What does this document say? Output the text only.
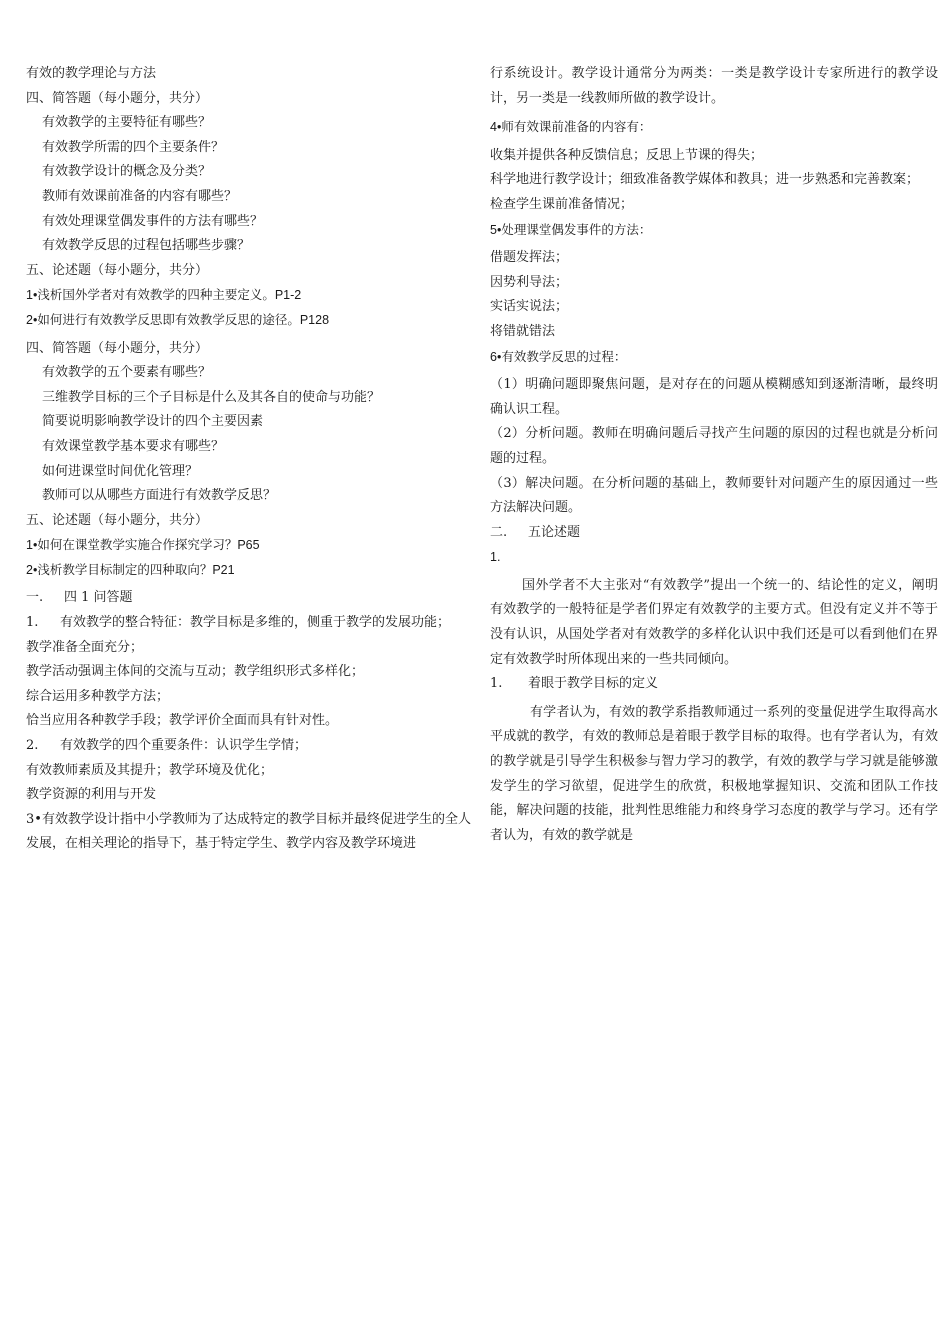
有效的教学理论与方法
四、简答题（每小题分，共分）
有效教学的主要特征有哪些？
有效教学所需的四个主要条件？
有效教学设计的概念及分类？
教师有效课前准备的内容有哪些？
有效处理课堂偶发事件的方法有哪些？
有效教学反思的过程包括哪些步骤？
五、论述题（每小题分，共分）
1•浅析国外学者对有效教学的四种主要定义。P1-2
2•如何进行有效教学反思即有效教学反思的途径。P128
四、简答题（每小题分，共分）
有效教学的五个要素有哪些？
三维教学目标的三个子目标是什么及其各自的使命与功能？
简要说明影响教学设计的四个主要因素
有效课堂教学基本要求有哪些？
如何进课堂时间优化管理？
教师可以从哪些方面进行有效教学反思？
五、论述题（每小题分，共分）
1•如何在课堂教学实施合作探究学习？P65
2•浅析教学目标制定的四种取向？P21
一. 四 1 问答题
1. 有效教学的整合特征：教学目标是多维的，侧重于教学的发展功能；
教学准备全面充分；
教学活动强调主体间的交流与互动；教学组织形式多样化；
综合运用多种教学方法；
恰当应用各种教学手段；教学评价全面而具有针对性。
2. 有效教学的四个重要条件：认识学生学情；
有效教师素质及其提升；教学环境及优化；
教学资源的利用与开发
3•有效教学设计指中小学教师为了达成特定的教学目标并最终促进学生的全人发展，在相关理论的指导下，基于特定学生、教学内容及教学环境进
行系统设计。教学设计通常分为两类：一类是教学设计专家所进行的教学设计，另一类是一线教师所做的教学设计。
4•师有效课前准备的内容有：
收集并提供各种反馈信息；反思上节课的得失；
科学地进行教学设计；细致准备教学媒体和教具；进一步熟悉和完善教案；
检查学生课前准备情况；
5•处理课堂偶发事件的方法：
借题发挥法；
因势利导法；
实话实说法；
将错就错法
6•有效教学反思的过程：
（1）明确问题即聚焦问题，是对存在的问题从模糊感知到逐渐清晰，最终明确认识工程。
（2）分析问题。教师在明确问题后寻找产生问题的原因的过程也就是分析问题的过程。
（3）解决问题。在分析问题的基础上，教师要针对问题产生的原因通过一些方法解决问题。
二. 五论述题
1.
国外学者不大主张对“有效教学”提出一个统一的、结论性的定义，阐明有效教学的一般特征是学者们界定有效教学的主要方式。但没有定义并不等于没有认识，从国处学者对有效教学的多样化认识中我们还是可以看到他们在界定有效教学时所体现出来的一些共同倾向。
1. 着眼于教学目标的定义
有学者认为，有效的教学系指教师通过一系列的变量促进学生取得高水平成就的教学，有效的教师总是着眼于教学目标的取得。也有学者认为，有效的教学就是引导学生积极参与智力学习的教学，有效的教学与学习就是能够激发学生的学习欲望，促进学生的欣赏，积极地掌握知识、交流和团队工作技能，解决问题的技能，批判性思维能力和终身学习态度的教学与学习。还有学者认为，有效的教学就是
